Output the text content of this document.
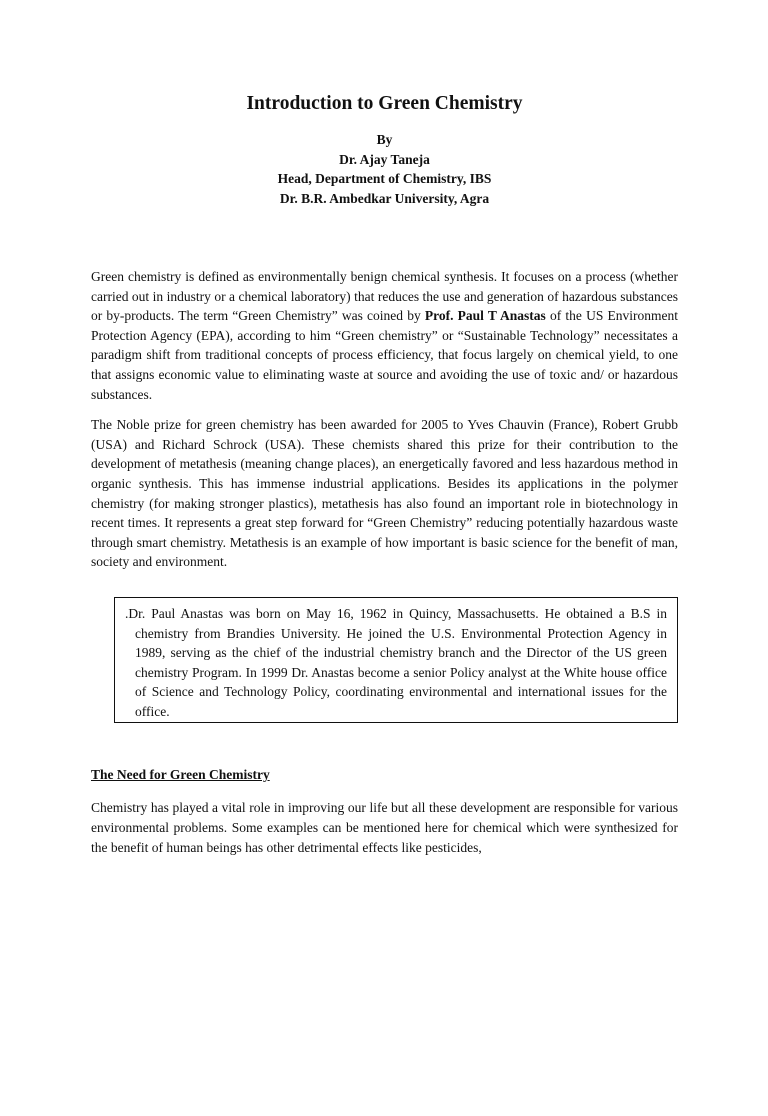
Introduction to Green Chemistry
By
Dr. Ajay Taneja
Head, Department of Chemistry, IBS
Dr. B.R. Ambedkar University, Agra

Green chemistry is defined as environmentally benign chemical synthesis. It focuses on a process (whether carried out in industry or a chemical laboratory) that reduces the use and generation of hazardous substances or by-products. The term “Green Chemistry” was coined by Prof. Paul T Anastas of the US Environment Protection Agency (EPA), according to him “Green chemistry” or “Sustainable Technology” necessitates a paradigm shift from traditional concepts of process efficiency, that focus largely on chemical yield, to one that assigns economic value to eliminating waste at source and avoiding the use of toxic and/ or hazardous substances.

The Noble prize for green chemistry has been awarded for 2005 to Yves Chauvin (France), Robert Grubb (USA) and Richard Schrock (USA). These chemists shared this prize for their contribution to the development of metathesis (meaning change places), an energetically favored and less hazardous method in organic synthesis. This has immense industrial applications. Besides its applications in the polymer chemistry (for making stronger plastics), metathesis has also found an important role in biotechnology in recent times. It represents a great step forward for “Green Chemistry” reducing potentially hazardous waste through smart chemistry. Metathesis is an example of how important is basic science for the benefit of man, society and environment.

.Dr. Paul Anastas was born on May 16, 1962 in Quincy, Massachusetts. He obtained a B.S in chemistry from Brandies University. He joined the U.S. Environmental Protection Agency in 1989, serving as the chief of the industrial chemistry branch and the Director of the US green chemistry Program. In 1999 Dr. Anastas become a senior Policy analyst at the White house office of Science and Technology Policy, coordinating environmental and international issues for the office.
The Need for Green Chemistry

Chemistry has played a vital role in improving our life but all these development are responsible for various environmental problems. Some examples can be mentioned here for chemical which were synthesized for the benefit of human beings has other detrimental effects like pesticides,
